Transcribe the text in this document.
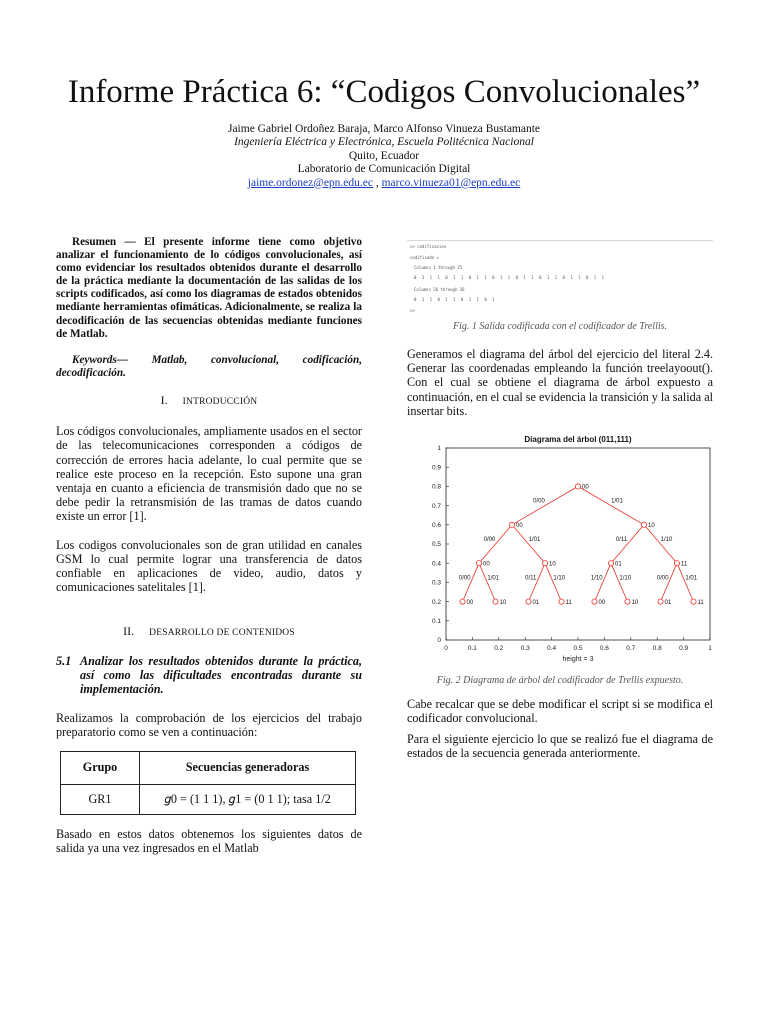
Informe Práctica 6: “Codigos Convolucionales”
Jaime Gabriel Ordoñez Baraja, Marco Alfonso Vinueza Bustamante
Ingeniería Eléctrica y Electrónica, Escuela Politécnica Nacional
Quito, Ecuador
Laboratorio de Comunicación Digital
jaime.ordonez@epn.edu.ec , marco.vinueza01@epn.edu.ec

Resumen — El presente informe tiene como objetivo analizar el funcionamiento de lo códigos convolucionales, así como evidenciar los resultados obtenidos durante el desarrollo de la práctica mediante la documentación de las salidas de los scripts codificados, así como los diagramas de estados obtenidos mediante herramientas ofimáticas. Adicionalmente, se realiza la decodificación de las secuencias obtenidas mediante funciones de Matlab.

Keywords— Matlab, convolucional, codificación, decodificación.

I. INTRODUCCIÓN

Los códigos convolucionales, ampliamente usados en el sector de las telecomunicaciones corresponden a códigos de corrección de errores hacia adelante, lo cual permite que se realice este proceso en la recepción. Esto supone una gran ventaja en cuanto a eficiencia de transmisión dado que no se debe pedir la retransmisión de las tramas de datos cuando existe un error [1].

Los codigos convolucionales son de gran utilidad en canales GSM lo cual permite lograr una transferencia de datos confiable en aplicaciones de video, audio, datos y comunicaciones satelitales [1].

II. DESARROLLO DE CONTENIDOS
5.1 Analizar los resultados obtenidos durante la práctica, así como las dificultades encontradas durante su implementación.

Realizamos la comprobación de los ejercicios del trabajo preparatorio como se ven a continuación:

Grupo	Secuencias generadoras
GR1	𝑔0 = (1 1 1), 𝑔1 = (0 1 1); tasa 1/2

Basado en estos datos obtenemos los siguientes datos de salida ya una vez ingresados en el Matlab

>> codificacion
codificado =
Columns 1 through 25
0 1 1 1 0 1 1 0 1 1 0 1 1 0 1 1 0 1 1 0 1 1 0 1 1
Columns 26 through 36
0 1 1 0 1 1 0 1 1 0 1
>>
Fig. 1 Salida codificada con el codificador de Trellis.
Generamos el diagrama del árbol del ejercicio del literal 2.4. Generar las coordenadas empleando la función treelayoout(). Con el cual se obtiene el diagrama de árbol expuesto a continuación, en el cual se evidencia la transición y la salida al insertar bits.
Diagrama del árbol (011,111)
0	0.1	0.2	0.3	0.4	0.5	0.6	0.7	0.8	0.9	1
0
0.1
0.2
0.3
0.4
0.5
0.6
0.7
0.8
0.9
1
height = 3
0/00	1/01
0/00	1/01	0/11	1/10
0/00	1/01	0/11	1/10	1/10	1/10	0/00	1/01
00
00	10
00	10	01	11
00	10	01	11	00	10	01	11
Fig. 2 Diagrama de árbol del codificador de Trellis expuesto.
Cabe recalcar que se debe modificar el script si se modifica el codificador convolucional.
Para el siguiente ejercicio lo que se realizó fue el diagrama de estados de la secuencia generada anteriormente.
